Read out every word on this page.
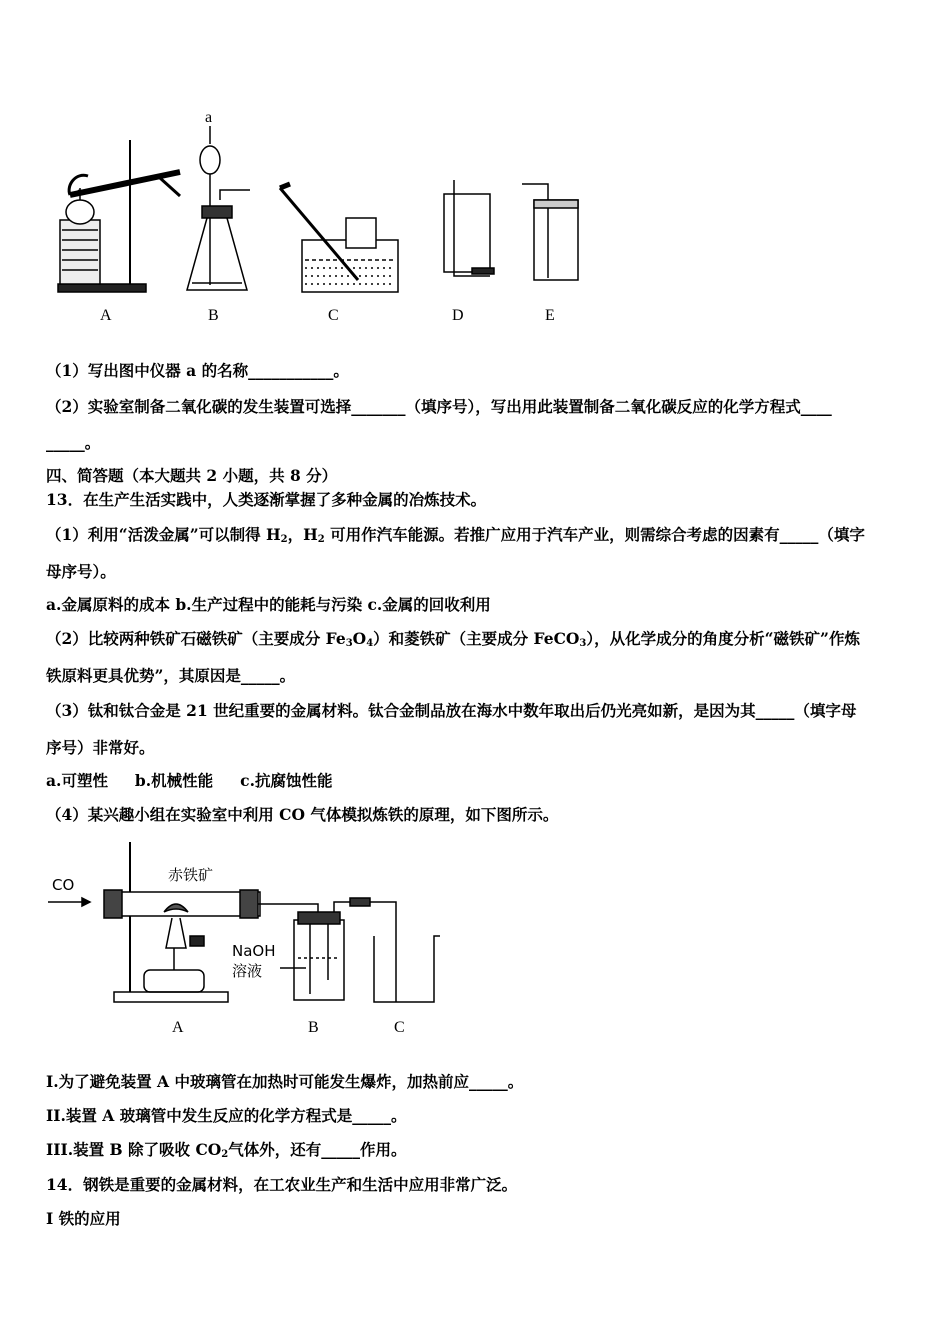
a
A	B	C	D	E
（1）写出图中仪器 a 的名称___________。
（2）实验室制备二氧化碳的发生装置可选择_______（填序号），写出用此装置制备二氧化碳反应的化学方程式____
_____。
四、简答题（本大题共 2 小题，共 8 分）
13．在生产生活实践中，人类逐渐掌握了多种金属的冶炼技术。
（1）利用“活泼金属”可以制得 $H_2$，$H_2$ 可用作汽车能源。若推广应用于汽车产业，则需综合考虑的因素有_____（填字
母序号）。
a.金属原料的成本 b.生产过程中的能耗与污染 c.金属的回收利用
（2）比较两种铁矿石磁铁矿（主要成分 $Fe_3O_4$）和菱铁矿（主要成分 FeCO$_3$），从化学成分的角度分析“磁铁矿”作炼
铁原料更具优势”，其原因是_____。
（3）钛和钛合金是 21 世纪重要的金属材料。钛合金制品放在海水中数年取出后仍光亮如新，是因为其_____（填字母
序号）非常好。
a.可塑性     b.机械性能     c.抗腐蚀性能
（4）某兴趣小组在实验室中利用 CO 气体模拟炼铁的原理，如下图所示。
CO
赤铁矿
NaOH
溶液
A	B	C
I.为了避免装置 A 中玻璃管在加热时可能发生爆炸，加热前应_____。
II.装置 A 玻璃管中发生反应的化学方程式是_____。
III.装置 B 除了吸收 $CO_2$气体外，还有_____作用。
14．钢铁是重要的金属材料，在工农业生产和生活中应用非常广泛。
I 铁的应用
